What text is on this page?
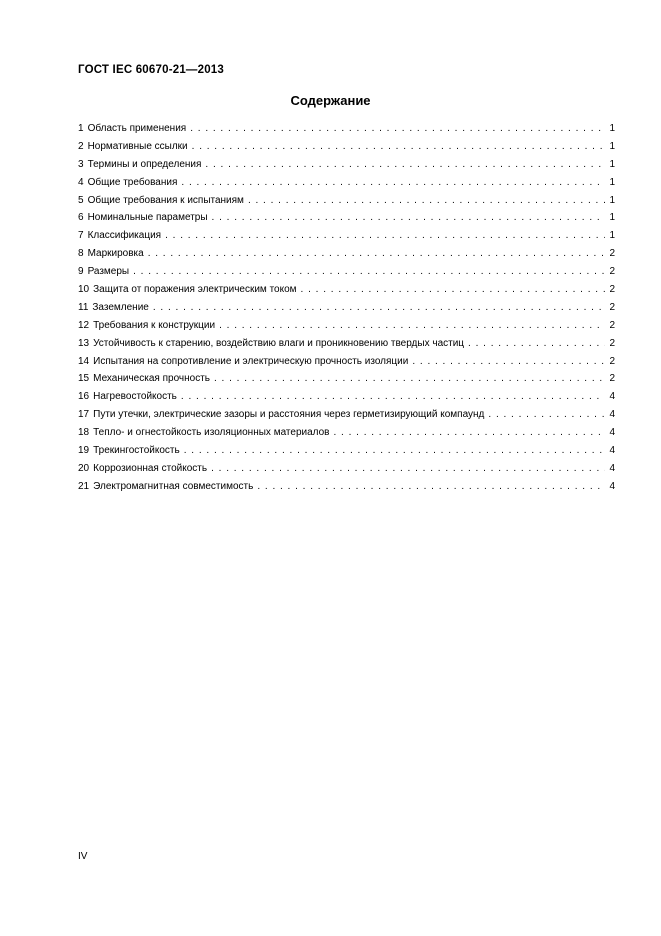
ГОСТ IEC 60670-21—2013
Содержание
1 Область применения . . .	1
2 Нормативные ссылки . . .	1
3 Термины и определения . . .	1
4 Общие требования . . .	1
5 Общие требования к испытаниям . . .	1
6 Номинальные параметры . . .	1
7 Классификация . . .	1
8 Маркировка . . .	2
9 Размеры . . .	2
10 Защита от поражения электрическим током . . .	2
11 Заземление . . .	2
12 Требования к конструкции . . .	2
13 Устойчивость к старению, воздействию влаги и проникновению твердых частиц . . .	2
14 Испытания на сопротивление и электрическую прочность изоляции . . .	2
15 Механическая прочность . . .	2
16 Нагревостойкость . . .	4
17 Пути утечки, электрические зазоры и расстояния через герметизирующий компаунд . . .	4
18 Тепло- и огнестойкость изоляционных материалов . . .	4
19 Трекингостойкость . . .	4
20 Коррозионная стойкость . . .	4
21 Электромагнитная совместимость . . .	4
IV
